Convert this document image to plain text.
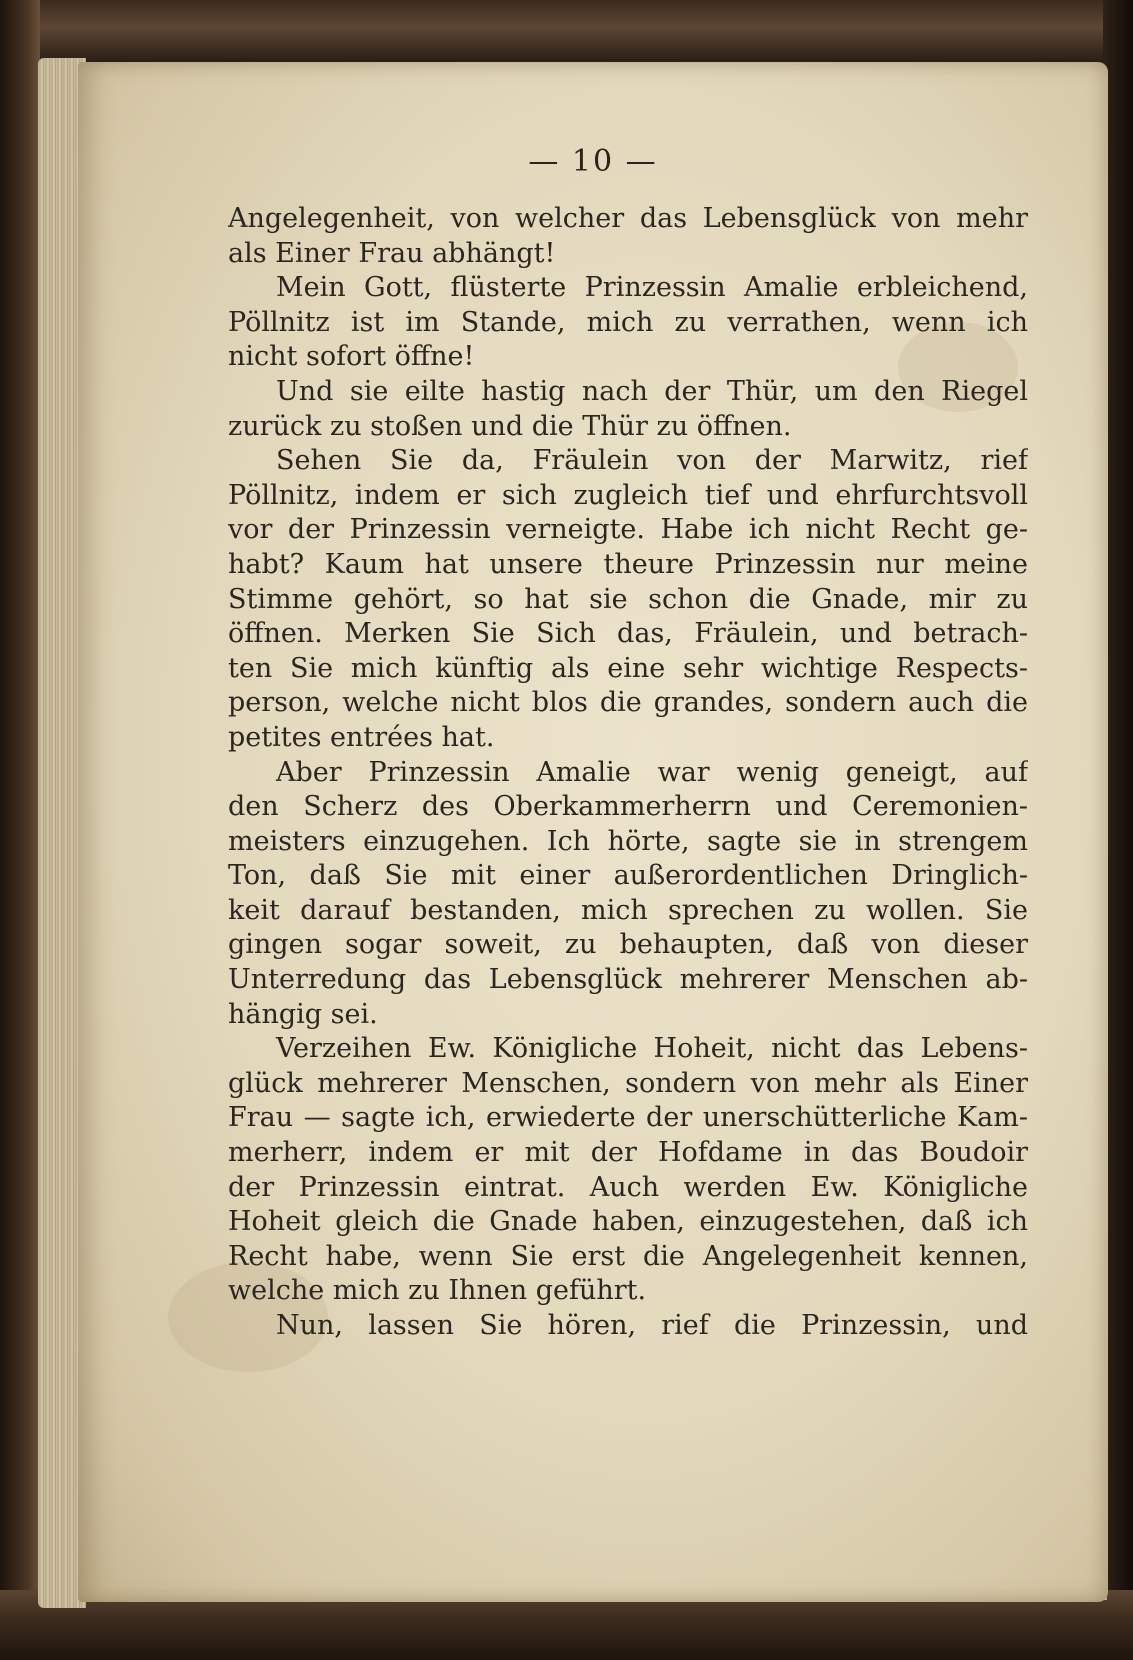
— 10 —
Angelegenheit, von welcher das Lebensglück von mehr
als Einer Frau abhängt!
Mein Gott, flüsterte Prinzessin Amalie erbleichend,
Pöllnitz ist im Stande, mich zu verrathen, wenn ich
nicht sofort öffne!
Und sie eilte hastig nach der Thür, um den Riegel
zurück zu stoßen und die Thür zu öffnen.
Sehen Sie da, Fräulein von der Marwitz, rief
Pöllnitz, indem er sich zugleich tief und ehrfurchtsvoll
vor der Prinzessin verneigte. Habe ich nicht Recht ge-
habt? Kaum hat unsere theure Prinzessin nur meine
Stimme gehört, so hat sie schon die Gnade, mir zu
öffnen. Merken Sie Sich das, Fräulein, und betrach-
ten Sie mich künftig als eine sehr wichtige Respects-
person, welche nicht blos die grandes, sondern auch die
petites entrées hat.
Aber Prinzessin Amalie war wenig geneigt, auf
den Scherz des Oberkammerherrn und Ceremonien-
meisters einzugehen. Ich hörte, sagte sie in strengem
Ton, daß Sie mit einer außerordentlichen Dringlich-
keit darauf bestanden, mich sprechen zu wollen. Sie
gingen sogar soweit, zu behaupten, daß von dieser
Unterredung das Lebensglück mehrerer Menschen ab-
hängig sei.
Verzeihen Ew. Königliche Hoheit, nicht das Lebens-
glück mehrerer Menschen, sondern von mehr als Einer
Frau — sagte ich, erwiederte der unerschütterliche Kam-
merherr, indem er mit der Hofdame in das Boudoir
der Prinzessin eintrat. Auch werden Ew. Königliche
Hoheit gleich die Gnade haben, einzugestehen, daß ich
Recht habe, wenn Sie erst die Angelegenheit kennen,
welche mich zu Ihnen geführt.
Nun, lassen Sie hören, rief die Prinzessin, und
